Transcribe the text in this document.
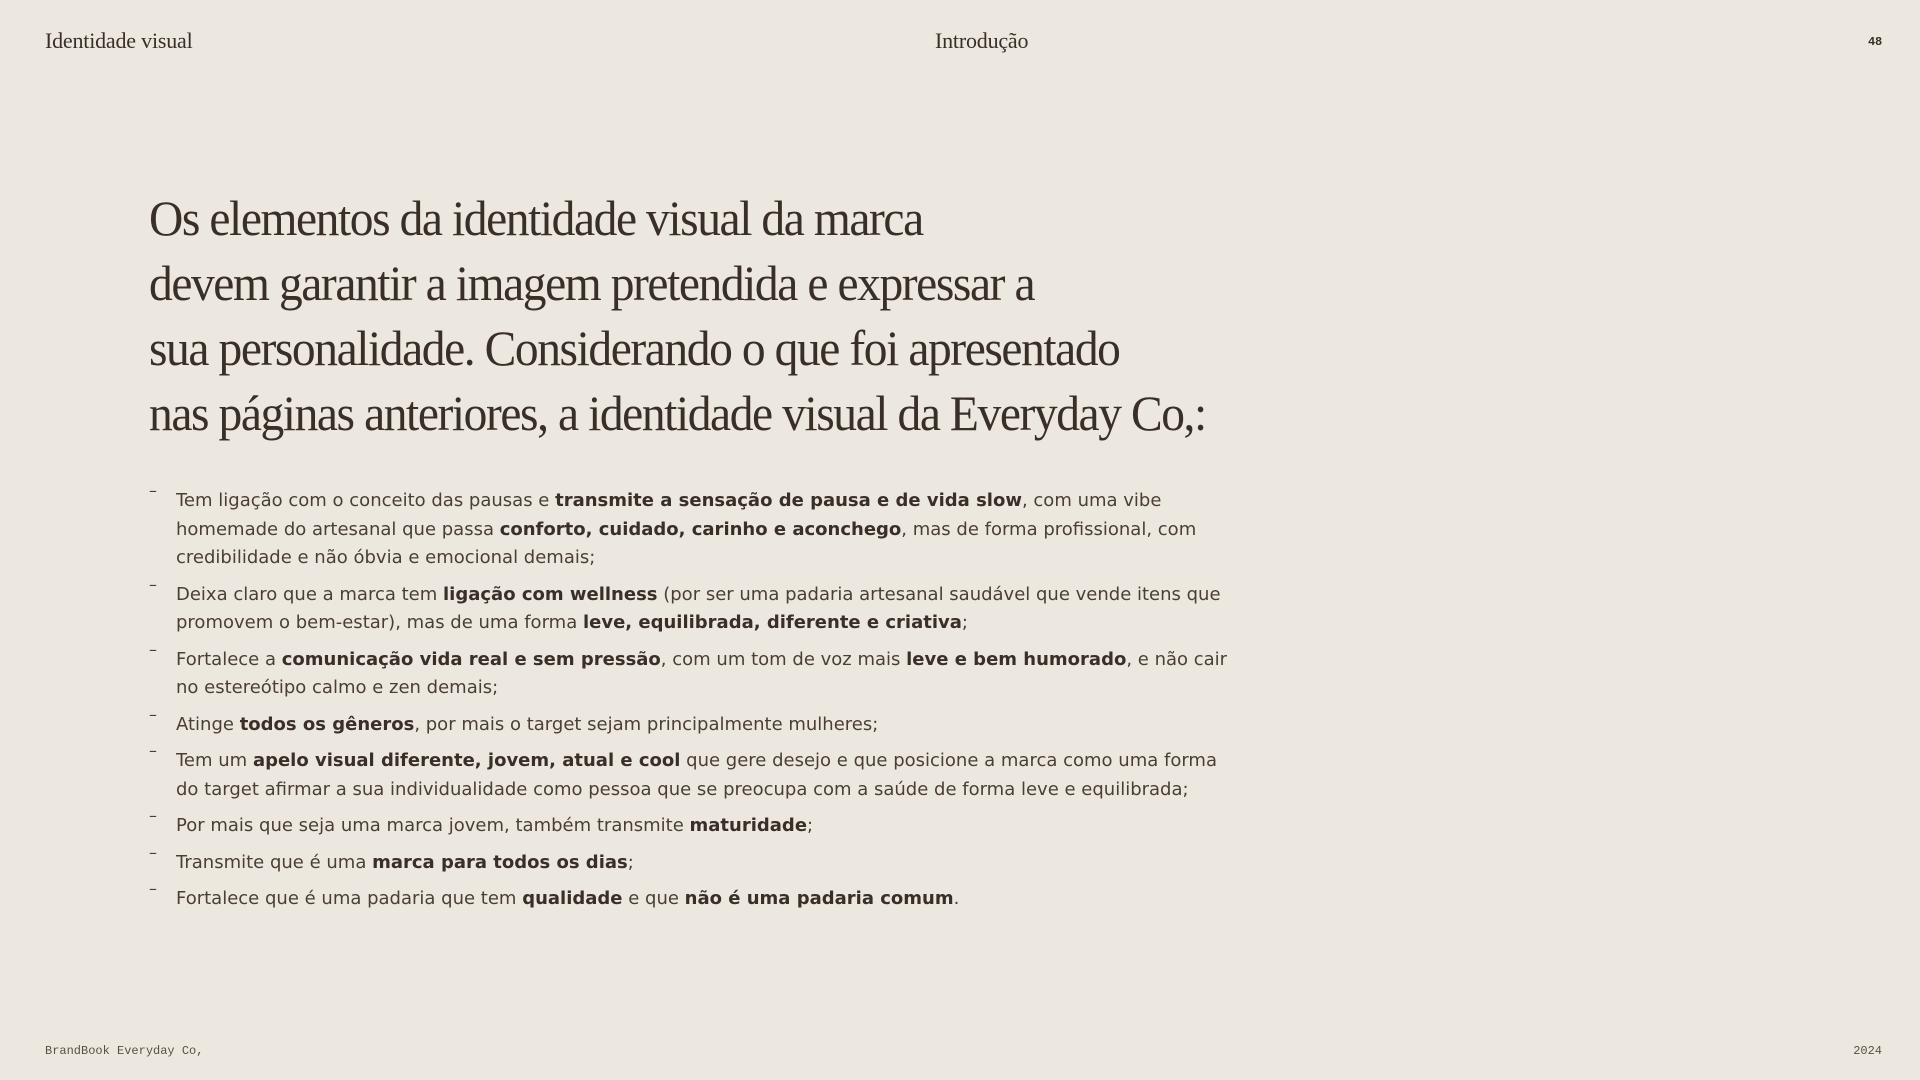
Identidade visual	Introdução	48
Os elementos da identidade visual da marca
devem garantir a imagem pretendida e expressar a
sua personalidade. Considerando o que foi apresentado
nas páginas anteriores, a identidade visual da Everyday Co,:
–
Tem ligação com o conceito das pausas e transmite a sensação de pausa e de vida slow, com uma vibe homemade do artesanal que passa conforto, cuidado, carinho e aconchego, mas de forma profissional, com credibilidade e não óbvia e emocional demais;
–
Deixa claro que a marca tem ligação com wellness (por ser uma padaria artesanal saudável que vende itens que promovem o bem-estar), mas de uma forma leve, equilibrada, diferente e criativa;
–
Fortalece a comunicação vida real e sem pressão, com um tom de voz mais leve e bem humorado, e não cair no estereótipo calmo e zen demais;
–
Atinge todos os gêneros, por mais o target sejam principalmente mulheres;
–
Tem um apelo visual diferente, jovem, atual e cool que gere desejo e que posicione a marca como uma forma do target afirmar a sua individualidade como pessoa que se preocupa com a saúde de forma leve e equilibrada;
–
Por mais que seja uma marca jovem, também transmite maturidade;
–
Transmite que é uma marca para todos os dias;
–
Fortalece que é uma padaria que tem qualidade e que não é uma padaria comum.
BrandBook Everyday Co,	2024
